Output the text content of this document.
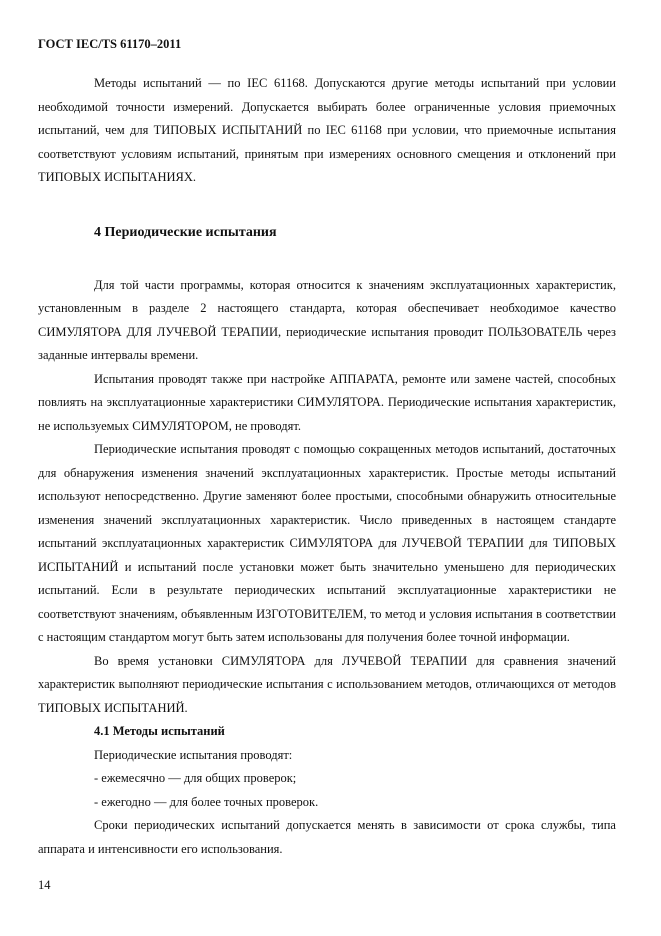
ГОСТ IEC/TS 61170–2011

Методы испытаний — по IEC 61168. Допускаются другие методы испытаний при условии необходимой точности измерений. Допускается выбирать более ограниченные условия приемочных испытаний, чем для ТИПОВЫХ ИСПЫТАНИЙ по IEC 61168 при условии, что приемочные испытания соответствуют условиям испытаний, принятым при измерениях основного смещения и отклонений при ТИПОВЫХ ИСПЫТАНИЯХ.

4 Периодические испытания

Для той части программы, которая относится к значениям эксплуатационных характеристик, установленным в разделе 2 настоящего стандарта, которая обеспечивает необходимое качество СИМУЛЯТОРА ДЛЯ ЛУЧЕВОЙ ТЕРАПИИ, периодические испытания проводит ПОЛЬЗОВАТЕЛЬ через заданные интервалы времени.

Испытания проводят также при настройке АППАРАТА, ремонте или замене частей, способных повлиять на эксплуатационные характеристики СИМУЛЯТОРА. Периодические испытания характеристик, не используемых СИМУЛЯТОРОМ, не проводят.

Периодические испытания проводят с помощью сокращенных методов испытаний, достаточных для обнаружения изменения значений эксплуатационных характеристик. Простые методы испытаний используют непосредственно. Другие заменяют более простыми, способными обнаружить относительные изменения значений эксплуатационных характеристик. Число приведенных в настоящем стандарте испытаний эксплуатационных характеристик СИМУЛЯТОРА для ЛУЧЕВОЙ ТЕРАПИИ для ТИПОВЫХ ИСПЫТАНИЙ и испытаний после установки может быть значительно уменьшено для периодических испытаний. Если в результате периодических испытаний эксплуатационные характеристики не соответствуют значениям, объявленным ИЗГОТОВИТЕЛЕМ, то метод и условия испытания в соответствии с настоящим стандартом могут быть затем использованы для получения более точной информации.

Во время установки СИМУЛЯТОРА для ЛУЧЕВОЙ ТЕРАПИИ для сравнения значений характеристик выполняют периодические испытания с использованием методов, отличающихся от методов ТИПОВЫХ ИСПЫТАНИЙ.

4.1 Методы испытаний

Периодические испытания проводят:

- ежемесячно — для общих проверок;

- ежегодно — для более точных проверок.

Сроки периодических испытаний допускается менять в зависимости от срока службы, типа аппарата и интенсивности его использования.

14
